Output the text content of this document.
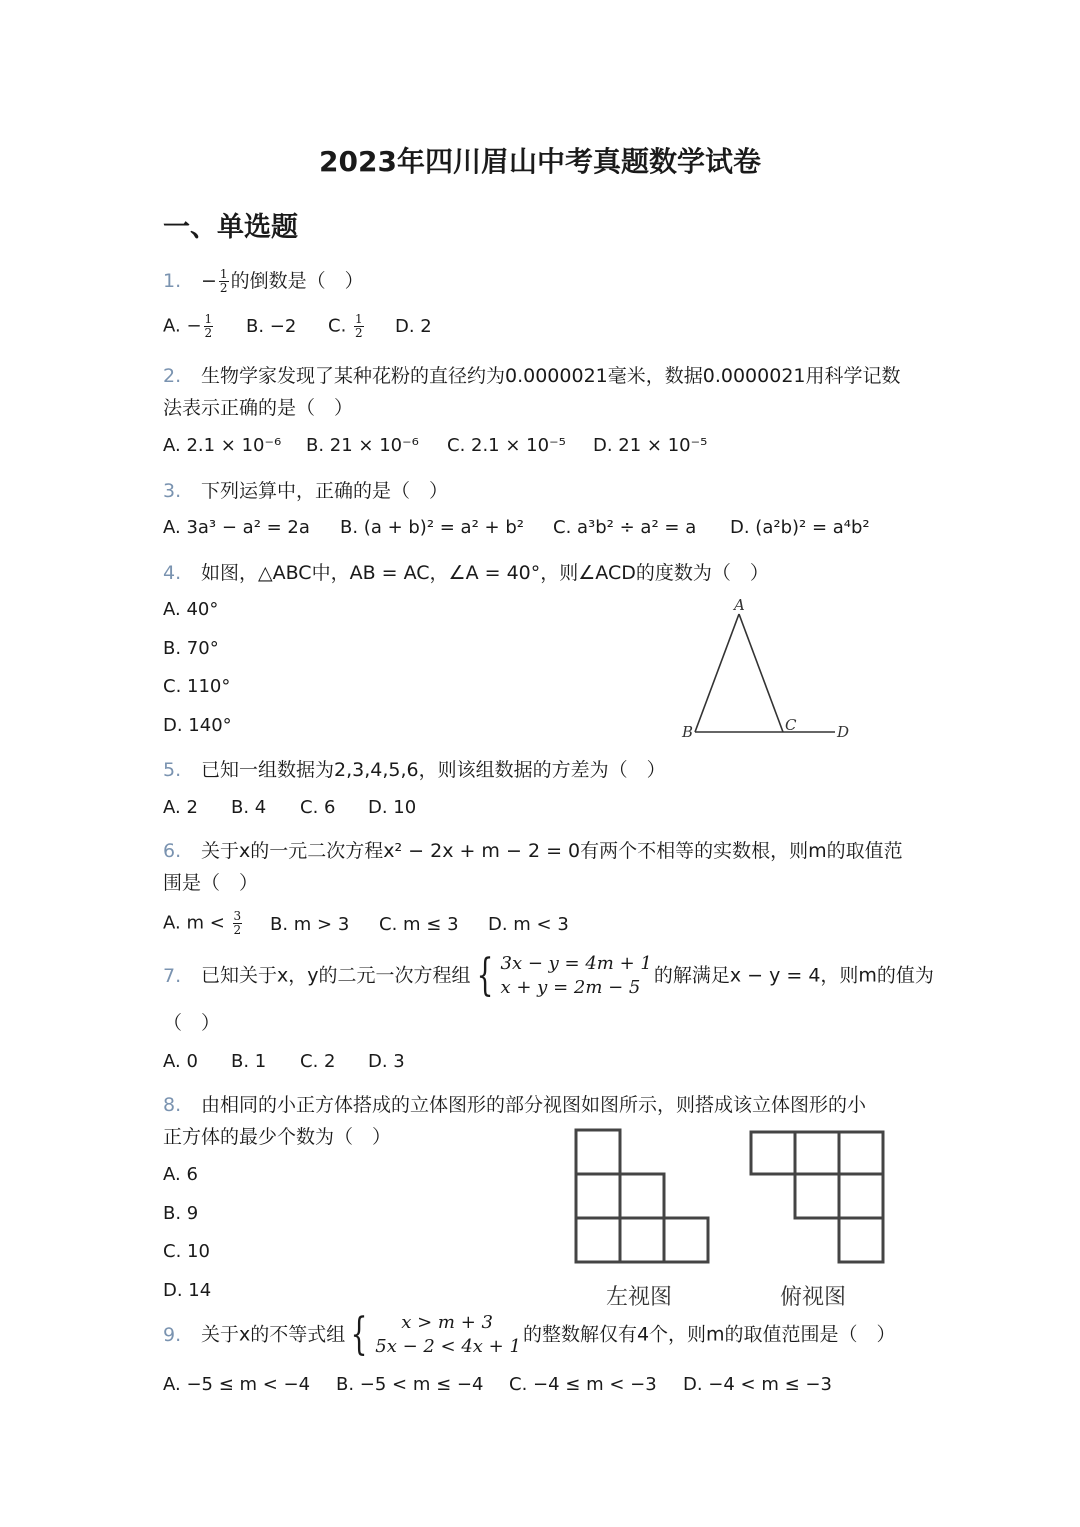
2023年四川眉山中考真题数学试卷
一、单选题
1. − $\frac{1}{2}$ 的倒数是（　）
A. − $\frac{1}{2} B$. −2 C. $\frac{1}{2} D$. 2
2. 生物学家发现了某种花粉的直径约为0.0000021毫米，数据0.0000021用科学记数
法表示正确的是（　）
A. 2.1 × 10⁻⁶ B. 21 × 10⁻⁶ C. 2.1 × 10⁻⁵ D. 21 × 10⁻⁵
3. 下列运算中，正确的是（　）
A. 3a³ − a² = 2a B. (a + b)² = a² + b² C. a³b² ÷ a² = a D. (a²b)² = a⁴b²
4. 如图，△ABC中，AB = AC，∠A = 40°，则∠ACD的度数为（　）
A. 40°
B. 70°
C. 110°
D. 140°
A
B	C	D
5. 已知一组数据为2,3,4,5,6，则该组数据的方差为（　）
A. 2 B. 4 C. 6 D. 10
6. 关于x的一元二次方程x² − 2x + m − 2 = 0有两个不相等的实数根，则m的取值范
围是（　）
A. $m < \frac{3}{2} B$. m > 3 C. m ≤ 3 D. m < 3
7. 已知关于x，y的二元一次方程组 { 3x − y = 4m + 1
x + y = 2m − 5
的解满足x − y = 4，则m的值为
（　）
A. 0 B. 1 C. 2 D. 3
8. 由相同的小正方体搭成的立体图形的部分视图如图所示，则搭成该立体图形的小
正方体的最少个数为（　）
A. 6
B. 9
C. 10
D. 14	左视图	俯视图
9. 关于x的不等式组 {	x > m + 3
5x − 2 < 4x + 1
的整数解仅有4个，则m的取值范围是（　）
A. −5 ≤ m < −4 B. −5 < m ≤ −4 C. −4 ≤ m < −3 D. −4 < m ≤ −3
